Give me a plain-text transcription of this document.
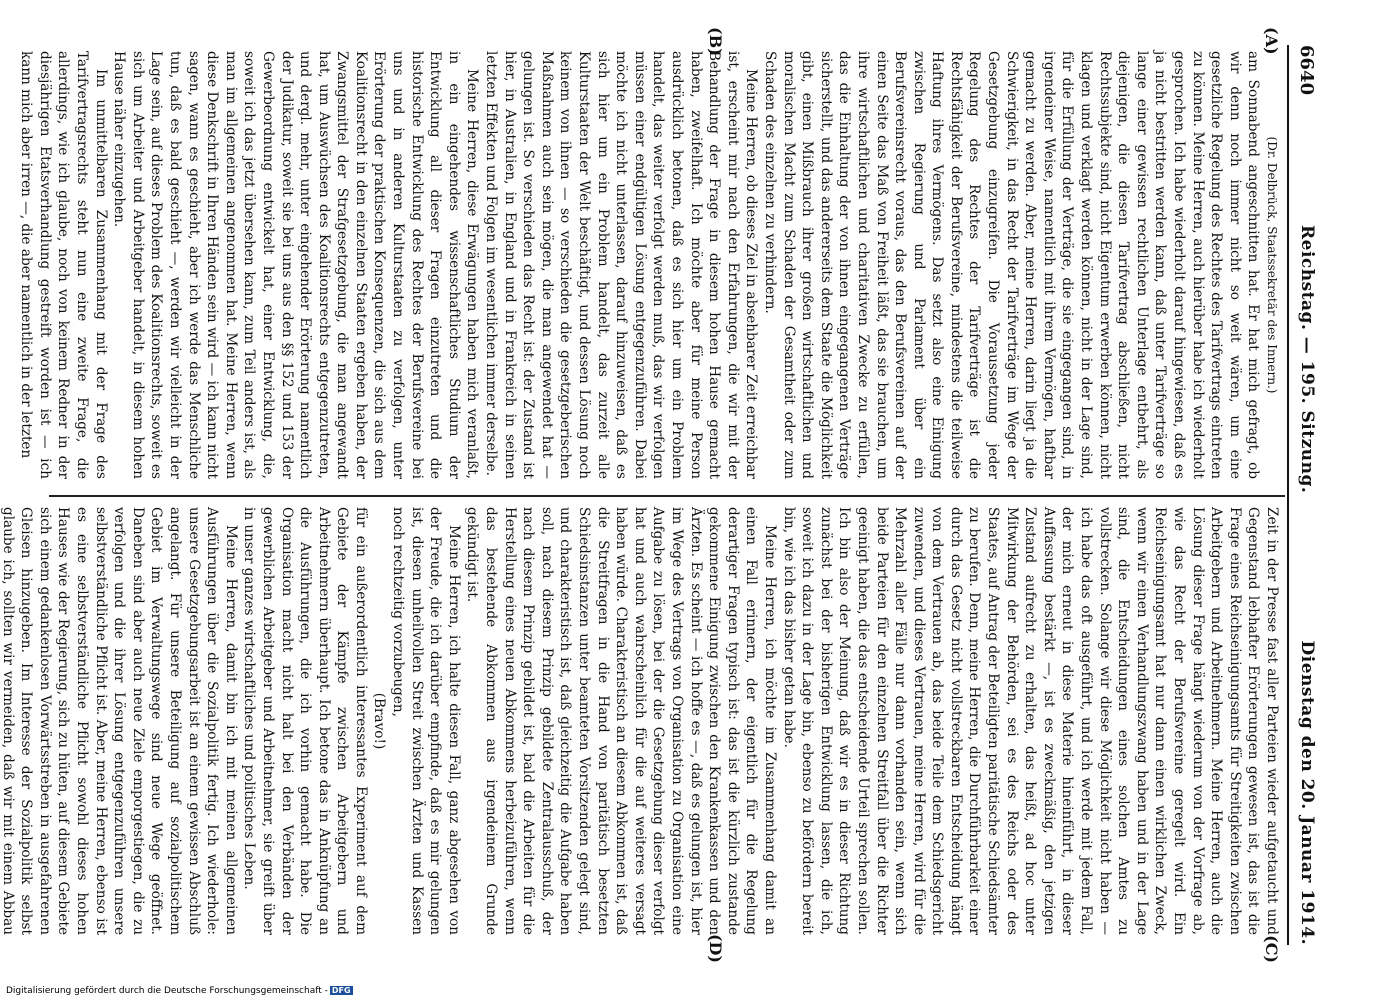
6640
Reichstag. — 195. Sitzung.
Dienstag den 20. Januar 1914.
(A)
(B)
(C)
(D)

(Dr. Delbrück, Staatssekretär des Innern.)

am Sonnabend angeschnitten hat. Er hat mich gefragt, ob wir denn noch immer nicht so weit wären, um eine gesetzliche Regelung des Rechtes des Tarifvertrags eintreten zu können. Meine Herren, auch hierüber habe ich wiederholt gesprochen. Ich habe wiederholt darauf hingewiesen, daß es ja nicht bestritten werden kann, daß unter Tarifverträge so lange einer gewissen rechtlichen Unterlage entbehrt, als diejenigen, die diesen Tarifvertrag abschließen, nicht Rechtssubjekte sind, nicht Eigentum erwerben können, nicht klagen und verklagt werden können, nicht in der Lage sind, für die Erfüllung der Verträge, die sie eingegangen sind, in irgendeiner Weise, namentlich mit ihrem Vermögen, haftbar gemacht zu werden. Aber, meine Herren, darin liegt ja die Schwierigkeit, in das Recht der Tarifverträge im Wege der Gesetzgebung einzugreifen. Die Voraussetzung jeder Regelung des Rechtes der Tarifverträge ist die Rechtsfähigkeit der Berufsvereine, mindestens die teilweise Haftung ihres Vermögens. Das setzt also eine Einigung zwischen Regierung und Parlament über ein Berufsvereinsrecht voraus, das den Berufsvereinen auf der einen Seite das Maß von Freiheit läßt, das sie brauchen, um ihre wirtschaftlichen und charitativen Zwecke zu erfüllen, das die Einhaltung der von ihnen eingegangenen Verträge sicherstellt, und das andererseits dem Staate die Möglichkeit gibt, einen Mißbrauch ihrer großen wirtschaftlichen und moralischen Macht zum Schaden der Gesamtheit oder zum Schaden des einzelnen zu verhindern.

Meine Herren, ob dieses Ziel in absehbarer Zeit erreichbar ist, erscheint mir nach den Erfahrungen, die wir mit der Behandlung der Frage in diesem hohen Hause gemacht haben, zweifelhaft. Ich möchte aber für meine Person ausdrücklich betonen, daß es sich hier um ein Problem handelt, das weiter verfolgt werden muß, das wir verfolgen müssen einer endgültigen Lösung entgegenzuführen. Dabei möchte ich nicht unterlassen, darauf hinzuweisen, daß es sich hier um ein Problem handelt, das zurzeit alle Kulturstaaten der Welt beschäftigt, und dessen Lösung noch keinem von ihnen — so verschieden die gesetzgeberischen Maßnahmen auch sein mögen, die man angewendet hat — gelungen ist. So verschieden das Recht ist: der Zustand ist hier, in Australien, in England und in Frankreich in seinen letzten Effekten und Folgen im wesentlichen immer derselbe.

Meine Herren, diese Erwägungen haben mich veranlaßt, in ein eingehendes wissenschaftliches Studium der Entwicklung all dieser Fragen einzutreten und die historische Entwicklung des Rechtes der Berufsvereine bei uns und in anderen Kulturstaaten zu verfolgen, unter Erörterung der praktischen Konsequenzen, die sich aus dem Koalitionsrecht in den einzelnen Staaten ergeben haben, der Zwangsmittel der Strafgesetzgebung, die man angewandt hat, um Auswüchsen des Koalitionsrechts entgegenzutreten, und dergl. mehr, unter eingehender Erörterung namentlich der Judikatur, soweit sie bei uns aus den §§ 152 und 153 der Gewerbeordnung entwickelt hat, einer Entwicklung, die, soweit ich das jetzt übersehen kann, zum Teil anders ist, als man im allgemeinen angenommen hat. Meine Herren, wenn diese Denkschrift in Ihren Händen sein wird — ich kann nicht sagen, wann es geschieht, aber ich werde das Menschliche tun, daß es bald geschieht —, werden wir vielleicht in der Lage sein, auf dieses Problem des Koalitionsrechts, soweit es sich um Arbeiter und Arbeitgeber handelt, in diesem hohen Hause näher einzugehen.

Im unmittelbaren Zusammenhang mit der Frage des Tarifvertragsrechts steht nun eine zweite Frage, die allerdings, wie ich glaube, noch von keinem Redner in der diesjährigen Etatsverhandlung gestreift worden ist — ich kann mich aber irren —, die aber namentlich in der letzten

Zeit in der Presse fast aller Parteien wieder aufgetaucht und Gegenstand lebhafter Erörterungen gewesen ist, das ist die Frage eines Reichseinigungsamts für Streitigkeiten zwischen Arbeitgebern und Arbeitnehmern. Meine Herren, auch die Lösung dieser Frage hängt wiederum von der Vorfrage ab, wie das Recht der Berufsvereine geregelt wird. Ein Reichseinigungsamt hat nur dann einen wirklichen Zweck, wenn wir einen Verhandlungszwang haben und in der Lage sind, die Entscheidungen eines solchen Amtes zu vollstrecken. Solange wir diese Möglichkeit nicht haben — ich habe das oft ausgeführt, und ich werde mit jedem Fall, der mich erneut in diese Materie hineinführt, in dieser Auffassung bestärkt —, ist es zweckmäßig, den jetzigen Zustand aufrecht zu erhalten, das heißt, ad hoc unter Mitwirkung der Behörden, sei es des Reichs oder des Staates, auf Antrag der Beteiligten paritätische Schiedsämter zu berufen. Denn, meine Herren, die Durchführbarkeit einer durch das Gesetz nicht vollstreckbaren Entscheidung hängt von dem Vertrauen ab, das beide Teile dem Schiedsgericht zuwenden, und dieses Vertrauen, meine Herren, wird für die Mehrzahl aller Fälle nur dann vorhanden sein, wenn sich beide Parteien für den einzelnen Streitfall über die Richter geeinigt haben, die das entscheidende Urteil sprechen sollen. Ich bin also der Meinung, daß wir es in dieser Richtung zunächst bei der bisherigen Entwicklung lassen, die ich, soweit ich dazu in der Lage bin, ebenso zu befördern bereit bin, wie ich das bisher getan habe.

Meine Herren, ich möchte im Zusammenhang damit an einen Fall erinnern, der eigentlich für die Regelung derartiger Fragen typisch ist: das ist die kürzlich zustande gekommene Einigung zwischen den Krankenkassen und den Ärzten. Es scheint — ich hoffe es —, daß es gelungen ist, hier im Wege des Vertrags von Organisation zu Organisation eine Aufgabe zu lösen, bei der die Gesetzgebung dieser verfolgt hat und auch wahrscheinlich für die auf weiteres versagt haben würde. Charakteristisch an diesem Abkommen ist, daß die Streitfragen in die Hand von paritätisch besetzten Schiedsinstanzen unter beamteten Vorsitzenden gelegt sind, und charakteristisch ist, daß gleichzeitig die Aufgabe haben soll, nach diesem Prinzip gebildete Zentralausschuß, der nach diesem Prinzip gebildet ist, bald die Arbeiten für die Herstellung eines neuen Abkommens herbeizuführen, wenn das bestehende Abkommen aus irgendeinem Grunde gekündigt ist.

Meine Herren, ich halte diesen Fall, ganz abgesehen von der Freude, die ich darüber empfinde, daß es mir gelungen ist, diesen unheilvollen Streit zwischen Ärzten und Kassen noch rechtzeitig vorzubeugen,

(Bravo!)

für ein außerordentlich interessantes Experiment auf dem Gebiete der Kämpfe zwischen Arbeitgebern und Arbeitnehmern überhaupt. Ich betone das in Anknüpfung an die Ausführungen, die ich vorhin gemacht habe. Die Organisation macht nicht halt bei den Verbänden der gewerblichen Arbeitgeber und Arbeitnehmer, sie greift über in unser ganzes wirtschaftliches und politisches Leben.

Meine Herren, damit bin ich mit meinen allgemeinen Ausführungen über die Sozialpolitik fertig. Ich wiederhole: unsere Gesetzgebungsarbeit ist an einem gewissen Abschluß angelangt. Für unsere Beteiligung auf sozialpolitischem Gebiet im Verwaltungswege sind neue Wege geöffnet. Daneben sind aber auch neue Ziele emporgestiegen, die zu verfolgen und die ihrer Lösung entgegenzuführen unsere selbstverständliche Pflicht ist. Aber, meine Herren, ebenso ist es eine selbstverständliche Pflicht sowohl dieses hohen Hauses wie der Regierung, sich zu hüten, auf diesem Gebiete sich einem gedankenlosen Vorwärtsstreben in ausgefahrenen Gleisen hinzugeben. Im Interesse der Sozialpolitik selbst glaube ich, sollten wir vermeiden, daß wir mit einem Abbau

Digitalisierung gefördert durch die Deutsche Forschungsgemeinschaft - DFG
